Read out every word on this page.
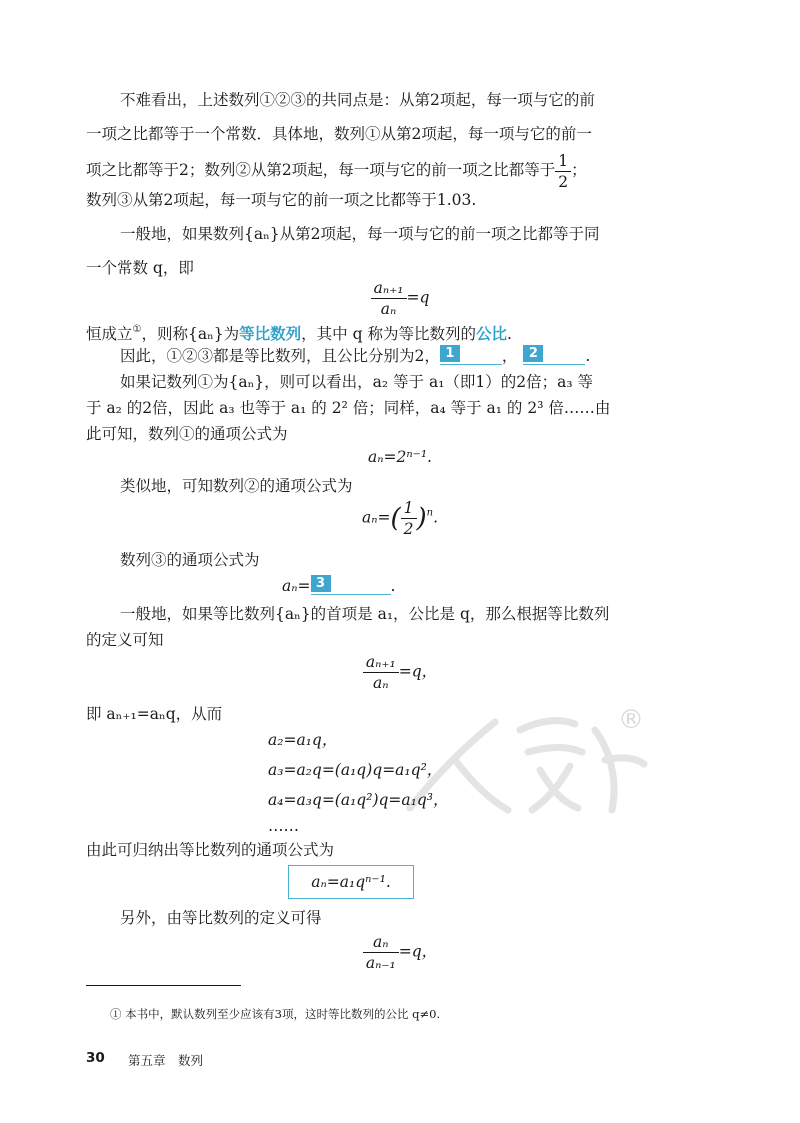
不难看出，上述数列①②③的共同点是：从第2项起，每一项与它的前
一项之比都等于一个常数．具体地，数列①从第2项起，每一项与它的前一
项之比都等于2；数列②从第2项起，每一项与它的前一项之比都等于 $\frac{1}{2}$ ；
数列③从第2项起，每一项与它的前一项之比都等于1.03.
一般地，如果数列{aₙ}从第2项起，每一项与它的前一项之比都等于同
一个常数 q，即
$\frac{\text{aₙ₊₁}}{\text{aₙ}} =q$
恒成立①，则称{aₙ}为等比数列，其中 q 称为等比数列的公比.
因此，①②③都是等比数列，且公比分别为2， 1	， 2	.
如果记数列①为{aₙ}，则可以看出，a₂ 等于 a₁（即1）的2倍；a₃ 等
于 a₂ 的2倍，因此 a₃ 也等于 a₁ 的 2² 倍；同样，a₄ 等于 a₁ 的 2³ 倍……由
此可知，数列①的通项公式为
aₙ=2ⁿ⁻¹.
类似地，可知数列②的通项公式为
$a_n=( \frac{1}{2} )^n$.
数列③的通项公式为
aₙ= 3	.
一般地，如果等比数列{aₙ}的首项是 a₁，公比是 q，那么根据等比数列
的定义可知
$\frac{\text{aₙ₊₁}}{\text{aₙ}} =q$，
即 aₙ₊₁=aₙq，从而	®
a₂=a₁q，
a₃=a₂q=(a₁q)q=a₁q²，
a₄=a₃q=(a₁q²)q=a₁q³，
……
由此可归纳出等比数列的通项公式为
aₙ=a₁qⁿ⁻¹.
另外，由等比数列的定义可得
$\frac{\text{aₙ}}{\text{aₙ₋₁}} =q$，
① 本书中，默认数列至少应该有3项，这时等比数列的公比 q≠0.
30 第五章　数列
